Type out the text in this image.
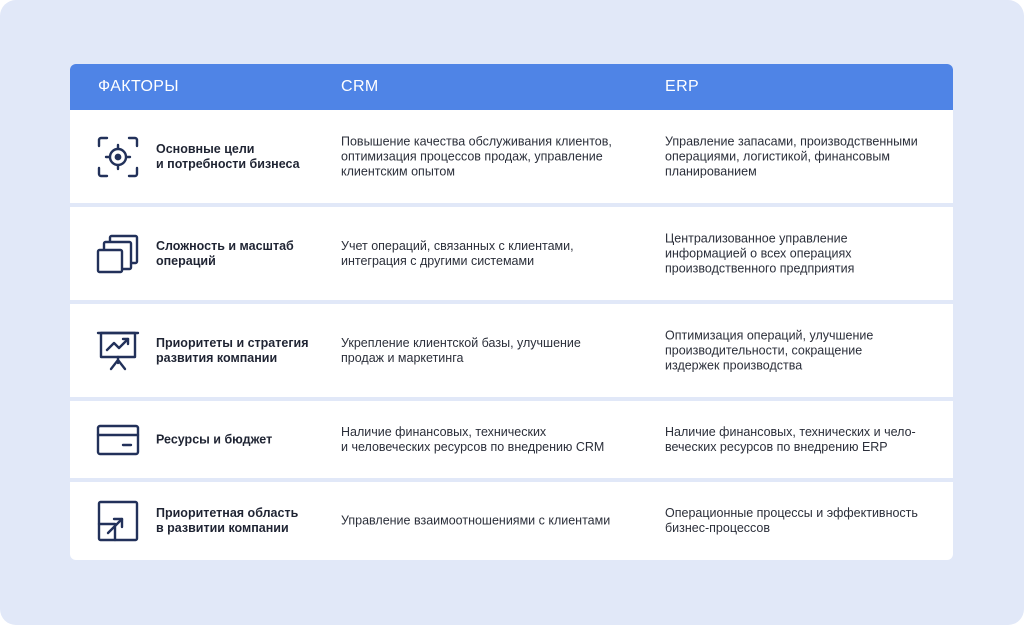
ФАКТОРЫ	CRM	ERP
Основные цели
и потребности бизнеса
Повышение качества обслуживания клиентов,
оптимизация процессов продаж, управление
клиентским опытом
Управление запасами, производственными
операциями, логистикой, финансовым
планированием
Сложность и масштаб
операций
Учет операций, связанных с клиентами,
интеграция с другими системами
Централизованное управление
информацией о всех операциях
производственного предприятия
Приоритеты и стратегия
развития компании
Укрепление клиентской базы, улучшение
продаж и маркетинга
Оптимизация операций, улучшение
производительности, сокращение
издержек производства
Ресурсы и бюджет
Наличие финансовых, технических
и человеческих ресурсов по внедрению CRM
Наличие финансовых, технических и чело-
веческих ресурсов по внедрению ERP
Приоритетная область
в развитии компании
Управление взаимоотношениями с клиентами
Операционные процессы и эффективность
бизнес-процессов
